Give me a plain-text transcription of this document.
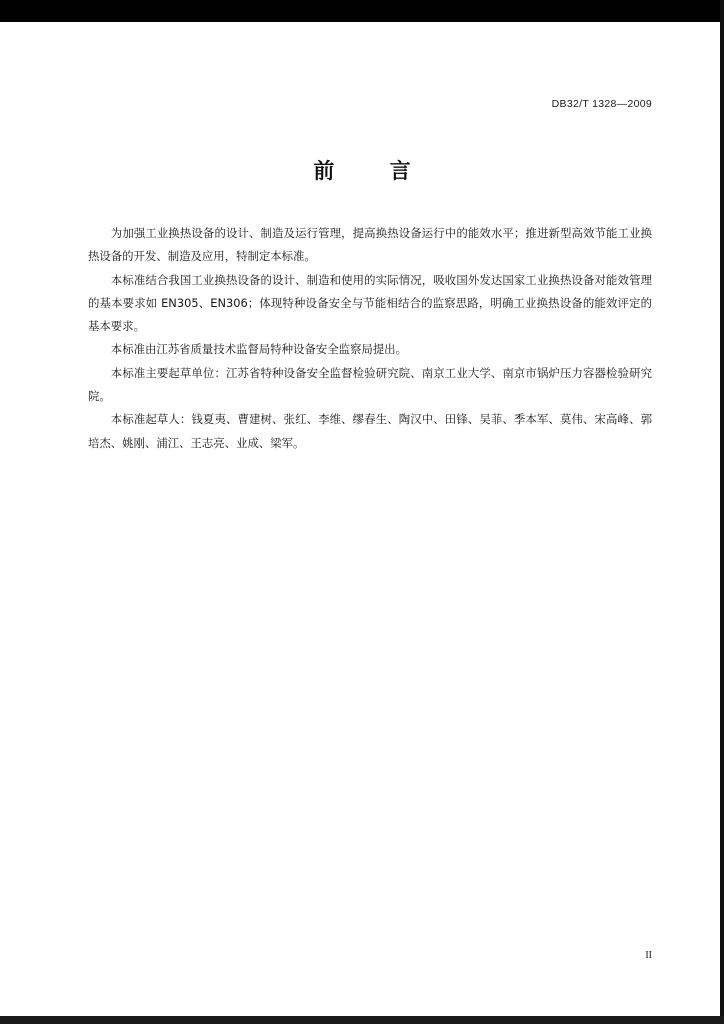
DB32/T 1328—2009
前 言

为加强工业换热设备的设计、制造及运行管理，提高换热设备运行中的能效水平；推进新型高效节能工业换热设备的开发、制造及应用，特制定本标准。

本标准结合我国工业换热设备的设计、制造和使用的实际情况，吸收国外发达国家工业换热设备对能效管理的基本要求如 EN305、EN306；体现特种设备安全与节能相结合的监察思路，明确工业换热设备的能效评定的基本要求。

本标准由江苏省质量技术监督局特种设备安全监察局提出。

本标准主要起草单位：江苏省特种设备安全监督检验研究院、南京工业大学、南京市锅炉压力容器检验研究院。

本标准起草人：钱夏夷、曹建树、张红、李维、缪春生、陶汉中、田锋、吴菲、季本军、莫伟、宋高峰、郭培杰、姚刚、浦江、王志亮、业成、梁军。

II
